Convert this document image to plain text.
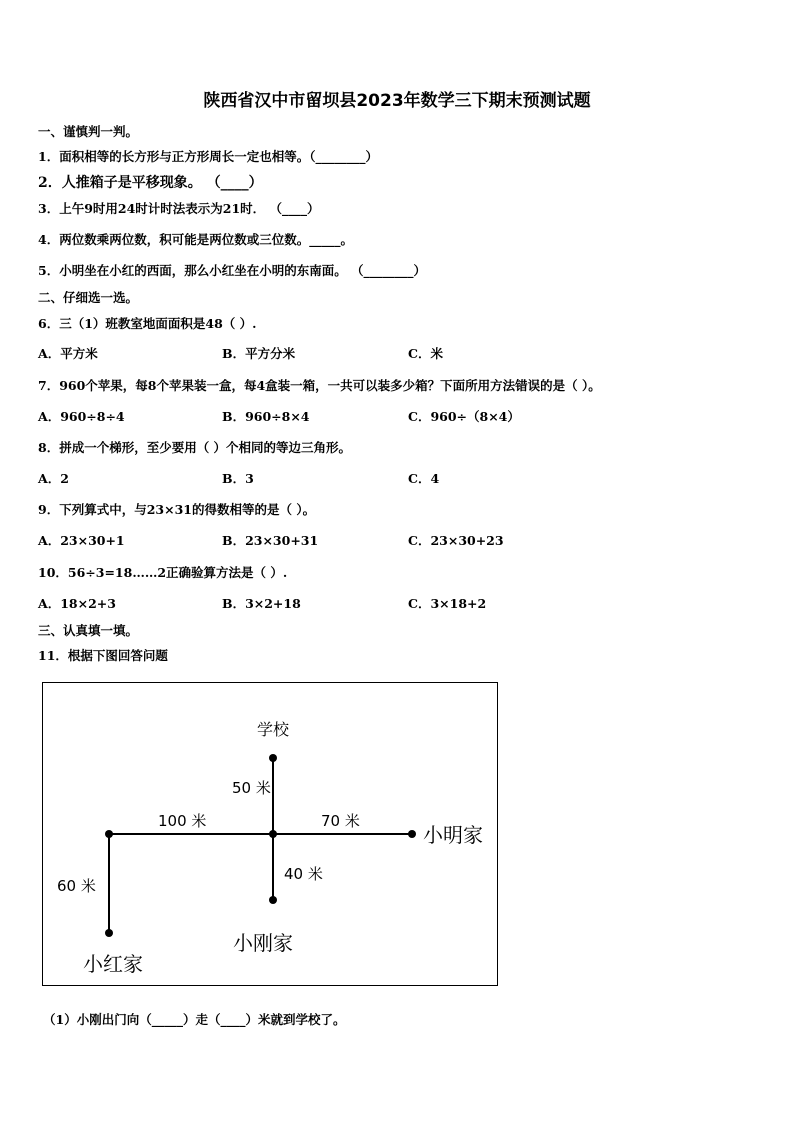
陕西省汉中市留坝县2023年数学三下期末预测试题
一、谨慎判一判。
1．面积相等的长方形与正方形周长一定也相等。（________）
2．人推箱子是平移现象。 （____）
3．上午9时用24时计时法表示为21时． （____）
4．两位数乘两位数，积可能是两位数或三位数。_____。
5．小明坐在小红的西面，那么小红坐在小明的东南面。 （________）
二、仔细选一选。
6．三（1）班教室地面面积是48（ ）.
A．平方米	B．平方分米	C．米
7．960个苹果，每8个苹果装一盒，每4盒装一箱，一共可以装多少箱？下面所用方法错误的是（ ）。
A．960÷8÷4	B．960÷8×4	C．960÷（8×4）
8．拼成一个梯形，至少要用（ ）个相同的等边三角形。
A．2	B．3	C．4
9．下列算式中，与23×31的得数相等的是（ ）。
A．23×30+1	B．23×30+31	C．23×30+23
10．56÷3=18……2正确验算方法是（ ）.
A．18×2+3	B．3×2+18	C．3×18+2
三、认真填一填。
11．根据下图回答问题
学校
50 米
100 米	70 米
小明家
40 米
60 米
小刚家
小红家
（1）小刚出门向（_____）走（____）米就到学校了。
